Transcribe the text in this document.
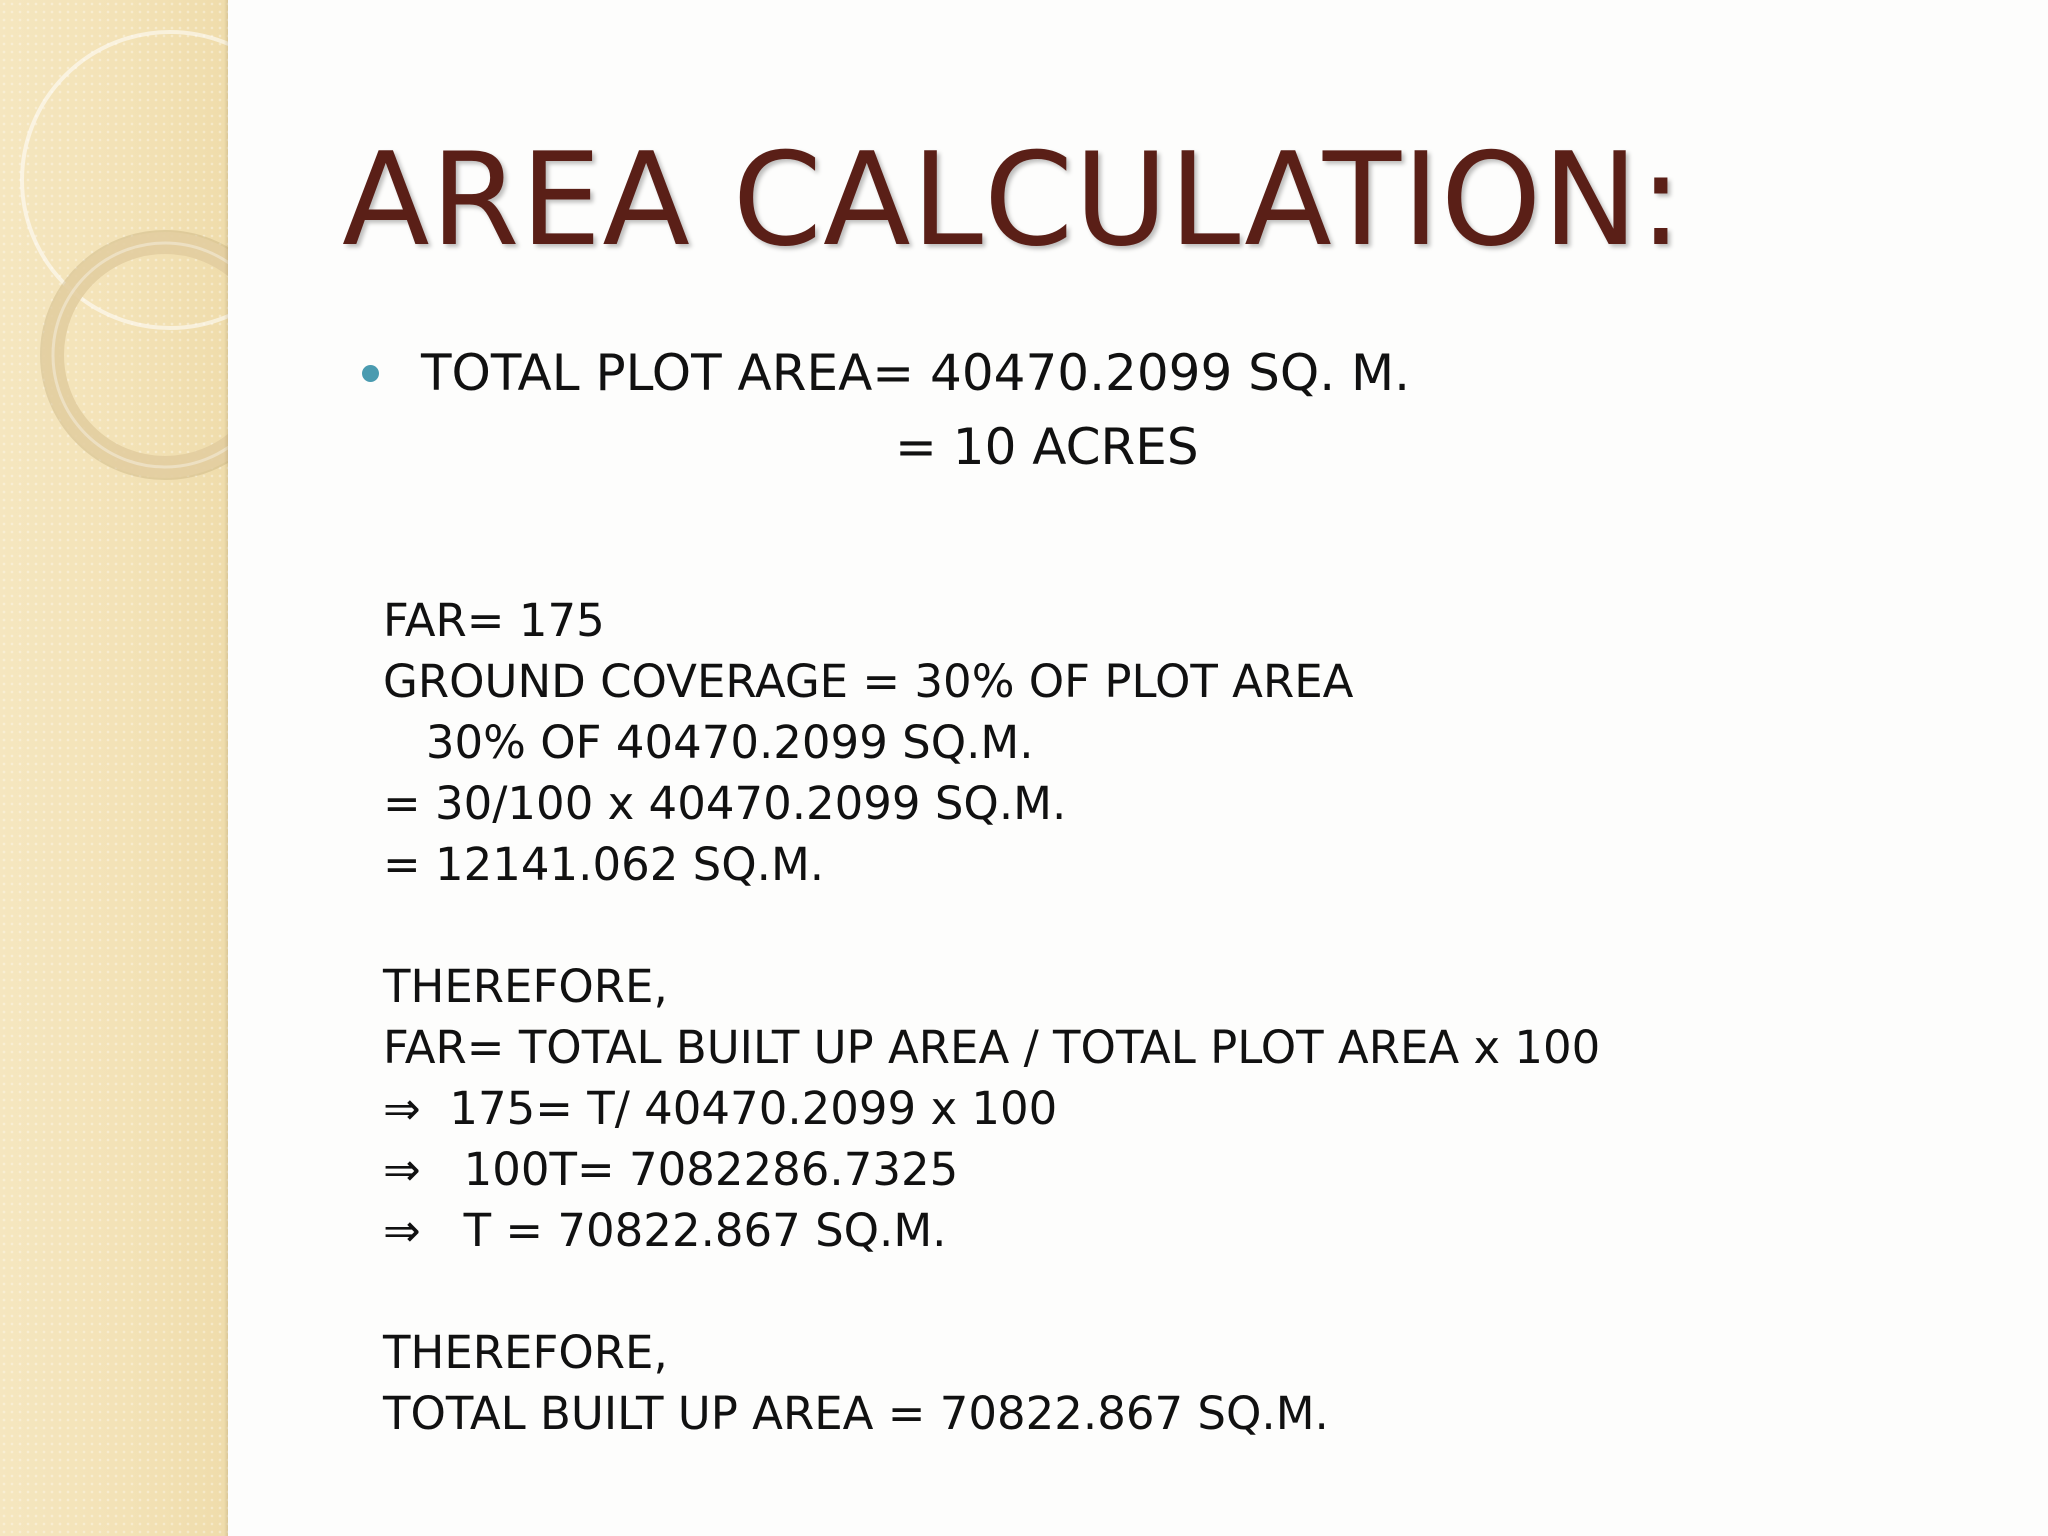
AREA CALCULATION:
TOTAL PLOT AREA= 40470.2099 SQ. M.
= 10 ACRES
FAR= 175
GROUND COVERAGE = 30% OF PLOT AREA
30% OF 40470.2099 SQ.M.
= 30/100 x 40470.2099 SQ.M.
= 12141.062 SQ.M.
THEREFORE,
FAR= TOTAL BUILT UP AREA / TOTAL PLOT AREA x 100
⇒  175= T/ 40470.2099 x 100
⇒   100T= 7082286.7325
⇒   T = 70822.867 SQ.M.
THEREFORE,
TOTAL BUILT UP AREA = 70822.867 SQ.M.
